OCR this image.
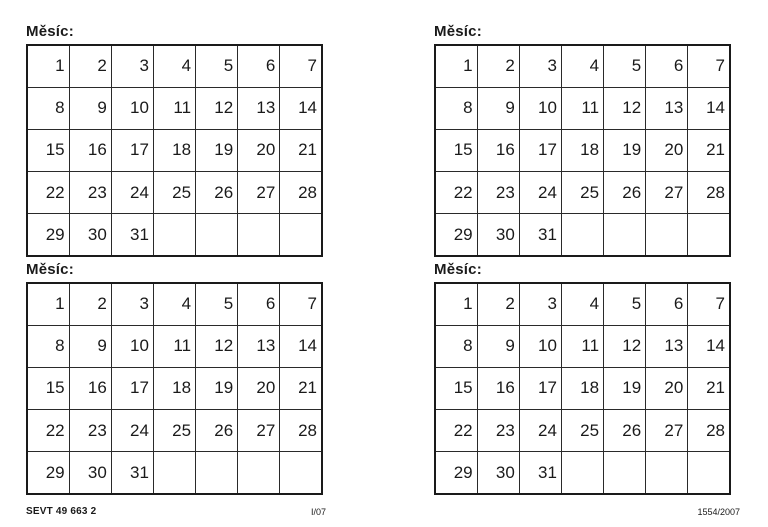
Měsíc:
1	2	3	4	5	6	7
8	9	10	11	12	13	14
15	16	17	18	19	20	21
22	23	24	25	26	27	28
29	30	31				
Měsíc:
1	2	3	4	5	6	7
8	9	10	11	12	13	14
15	16	17	18	19	20	21
22	23	24	25	26	27	28
29	30	31				
Měsíc:
1	2	3	4	5	6	7
8	9	10	11	12	13	14
15	16	17	18	19	20	21
22	23	24	25	26	27	28
29	30	31				
Měsíc:
1	2	3	4	5	6	7
8	9	10	11	12	13	14
15	16	17	18	19	20	21
22	23	24	25	26	27	28
29	30	31				
SEVT 49 663 2	I/07	1554/2007
